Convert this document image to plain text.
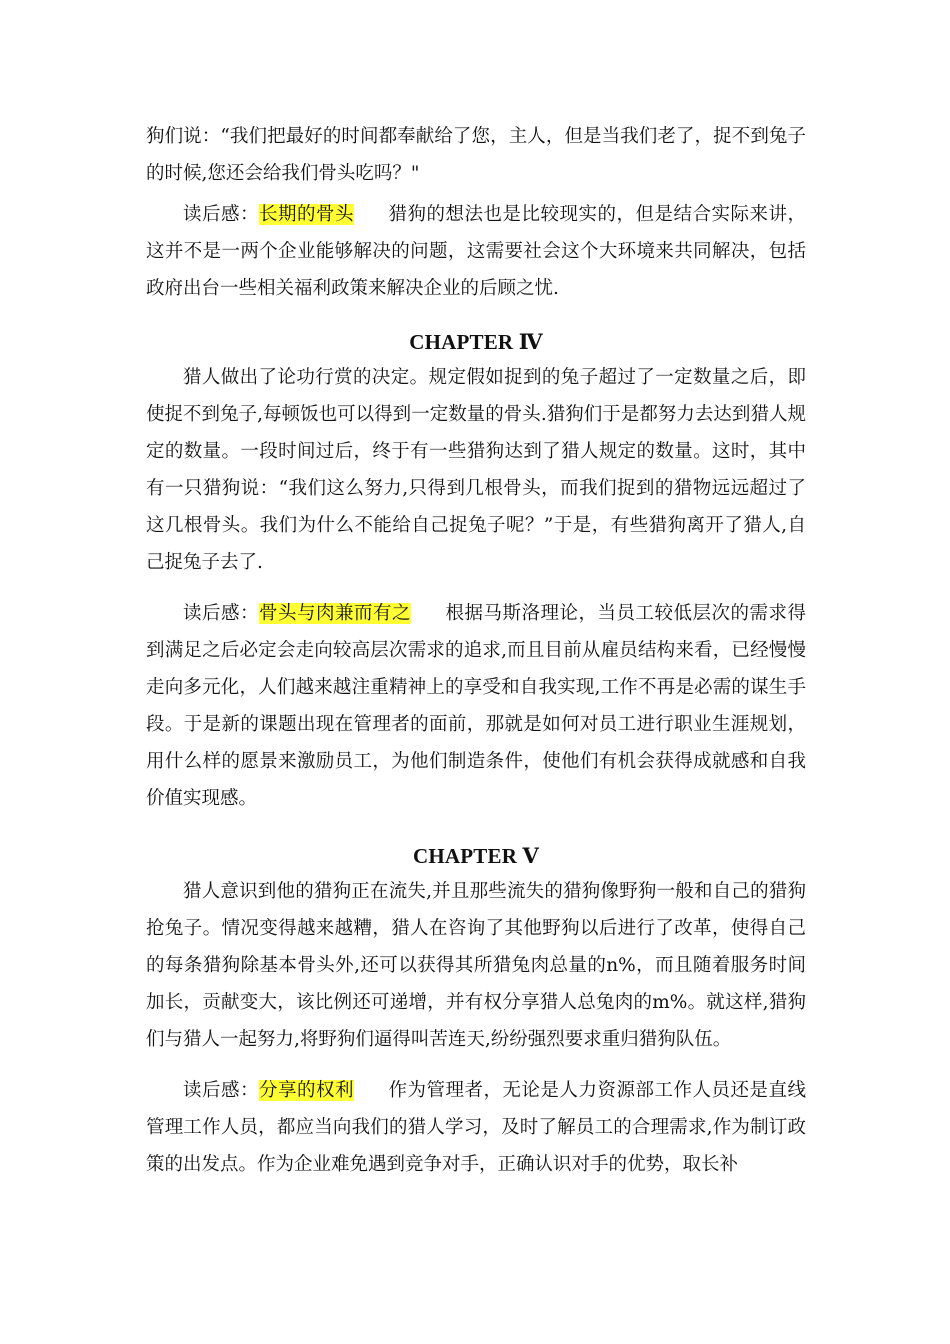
狗们说：“我们把最好的时间都奉献给了您，主人，但是当我们老了，捉不到兔子的时候,您还会给我们骨头吃吗？"

读后感：长期的骨头 猎狗的想法也是比较现实的，但是结合实际来讲，这并不是一两个企业能够解决的问题，这需要社会这个大环境来共同解决，包括政府出台一些相关福利政策来解决企业的后顾之忧.

CHAPTER Ⅳ

猎人做出了论功行赏的决定。规定假如捉到的兔子超过了一定数量之后，即使捉不到兔子,每顿饭也可以得到一定数量的骨头.猎狗们于是都努力去达到猎人规定的数量。一段时间过后，终于有一些猎狗达到了猎人规定的数量。这时，其中有一只猎狗说：“我们这么努力,只得到几根骨头，而我们捉到的猎物远远超过了这几根骨头。我们为什么不能给自己捉兔子呢？”于是，有些猎狗离开了猎人,自己捉兔子去了.

读后感：骨头与肉兼而有之 根据马斯洛理论，当员工较低层次的需求得到满足之后必定会走向较高层次需求的追求,而且目前从雇员结构来看，已经慢慢走向多元化，人们越来越注重精神上的享受和自我实现,工作不再是必需的谋生手段。于是新的课题出现在管理者的面前，那就是如何对员工进行职业生涯规划，用什么样的愿景来激励员工，为他们制造条件，使他们有机会获得成就感和自我价值实现感。

CHAPTER Ⅴ

猎人意识到他的猎狗正在流失,并且那些流失的猎狗像野狗一般和自己的猎狗抢兔子。情况变得越来越糟，猎人在咨询了其他野狗以后进行了改革，使得自己的每条猎狗除基本骨头外,还可以获得其所猎兔肉总量的n%，而且随着服务时间加长，贡献变大，该比例还可递增，并有权分享猎人总兔肉的m%。就这样,猎狗们与猎人一起努力,将野狗们逼得叫苦连天,纷纷强烈要求重归猎狗队伍。

读后感：分享的权利 作为管理者，无论是人力资源部工作人员还是直线管理工作人员，都应当向我们的猎人学习，及时了解员工的合理需求,作为制订政策的出发点。作为企业难免遇到竞争对手，正确认识对手的优势，取长补
